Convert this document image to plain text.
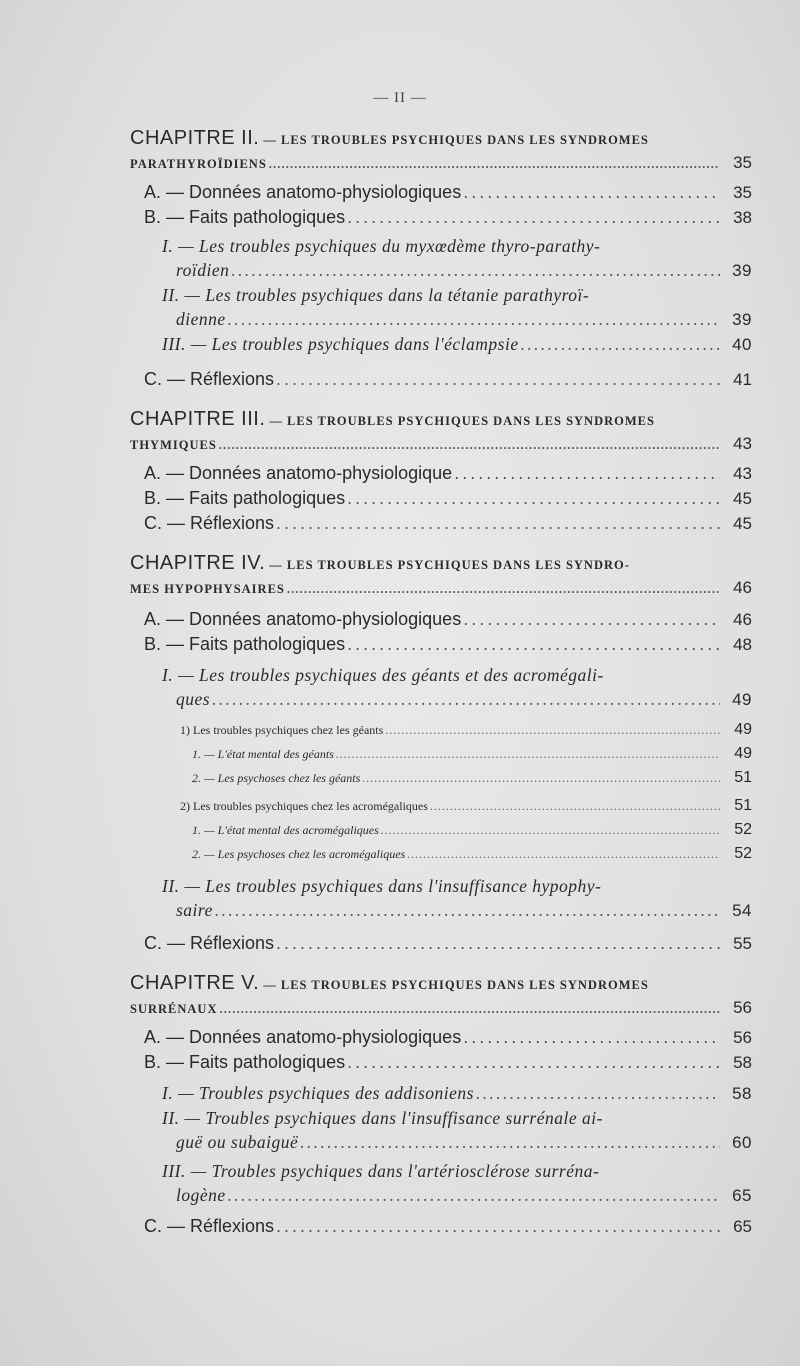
— II —
CHAPITRE II. — LES TROUBLES PSYCHIQUES DANS LES SYNDROMES
PARATHYROÏDIENS . . .	35
A. — Données anatomo-physiologiques . . .	35
B. — Faits pathologiques . . .	38
I. — Les troubles psychiques du myxœdème thyro-parathy-
roïdien . . .	39
II. — Les troubles psychiques dans la tétanie parathyroï-
dienne . . .	39
III. — Les troubles psychiques dans l'éclampsie . . .	40
C. — Réflexions . . .	41
CHAPITRE III. — LES TROUBLES PSYCHIQUES DANS LES SYNDROMES
THYMIQUES . . .	43
A. — Données anatomo-physiologique . . .	43
B. — Faits pathologiques . . .	45
C. — Réflexions . . .	45
CHAPITRE IV. — LES TROUBLES PSYCHIQUES DANS LES SYNDRO-
MES HYPOPHYSAIRES . . .	46
A. — Données anatomo-physiologiques . . .	46
B. — Faits pathologiques . . .	48
I. — Les troubles psychiques des géants et des acromégali-
ques . . .	49
1) Les troubles psychiques chez les géants . . .	49
1. — L'état mental des géants . . .	49
2. — Les psychoses chez les géants . . .	51
2) Les troubles psychiques chez les acromégaliques . . .	51
1. — L'état mental des acromégaliques . . .	52
2. — Les psychoses chez les acromégaliques . . .	52
II. — Les troubles psychiques dans l'insuffisance hypophy-
saire . . .	54
C. — Réflexions . . .	55
CHAPITRE V. — LES TROUBLES PSYCHIQUES DANS LES SYNDROMES
SURRÉNAUX . . .	56
A. — Données anatomo-physiologiques . . .	56
B. — Faits pathologiques . . .	58
I. — Troubles psychiques des addisoniens . . .	58
II. — Troubles psychiques dans l'insuffisance surrénale ai-
guë ou subaiguë . . .	60
III. — Troubles psychiques dans l'artériosclérose surréna-
logène . . .	65
C. — Réflexions . . .	65
